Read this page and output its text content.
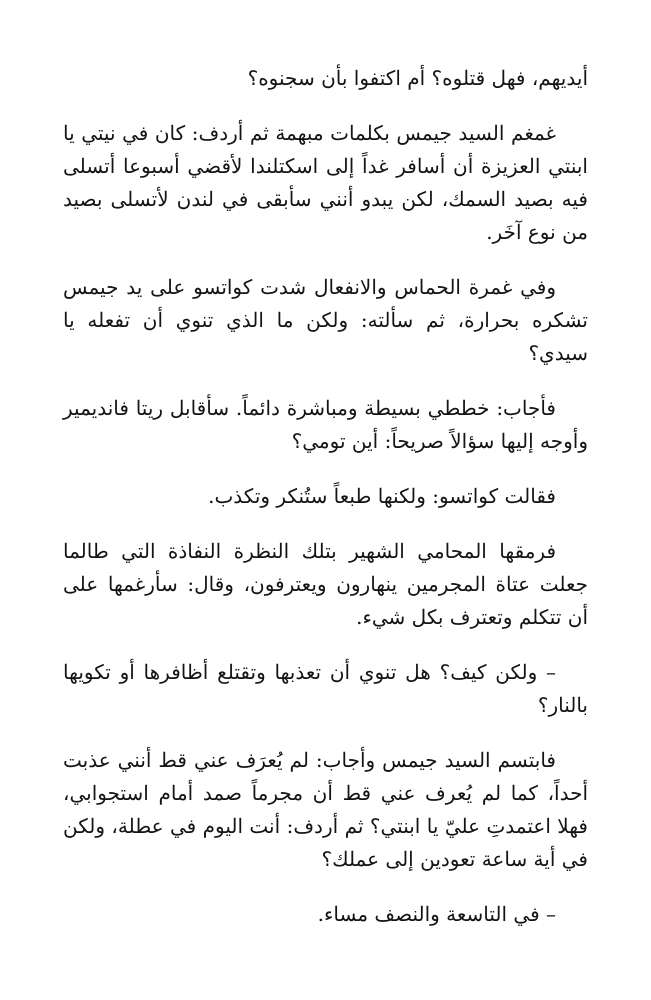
أيديهم، فهل قتلوه؟ أم اكتفوا بأن سجنوه؟

غمغم السيد جيمس بكلمات مبهمة ثم أردف: كان في نيتي يا ابنتي العزيزة أن أسافر غداً إلى اسكتلندا لأقضي أسبوعا أتسلى فيه بصيد السمك، لكن يبدو أنني سأبقى في لندن لأتسلى بصيد من نوع آخَر.

وفي غمرة الحماس والانفعال شدت كواتسو على يد جيمس تشكره بحرارة، ثم سألته: ولكن ما الذي تنوي أن تفعله يا سيدي؟

فأجاب: خططي بسيطة ومباشرة دائماً. سأقابل ريتا فانديمير وأوجه إليها سؤالاً صريحاً: أين تومي؟

فقالت كواتسو: ولكنها طبعاً ستُنكر وتكذب.

فرمقها المحامي الشهير بتلك النظرة النفاذة التي طالما جعلت عتاة المجرمين ينهارون ويعترفون، وقال: سأرغمها على أن تتكلم وتعترف بكل شيء.

– ولكن كيف؟ هل تنوي أن تعذبها وتقتلع أظافرها أو تكويها بالنار؟

فابتسم السيد جيمس وأجاب: لم يُعرَف عني قط أنني عذبت أحداً، كما لم يُعرف عني قط أن مجرماً صمد أمام استجوابي، فهلا اعتمدتِ عليّ يا ابنتي؟ ثم أردف: أنت اليوم في عطلة، ولكن في أية ساعة تعودين إلى عملك؟

– في التاسعة والنصف مساء.
